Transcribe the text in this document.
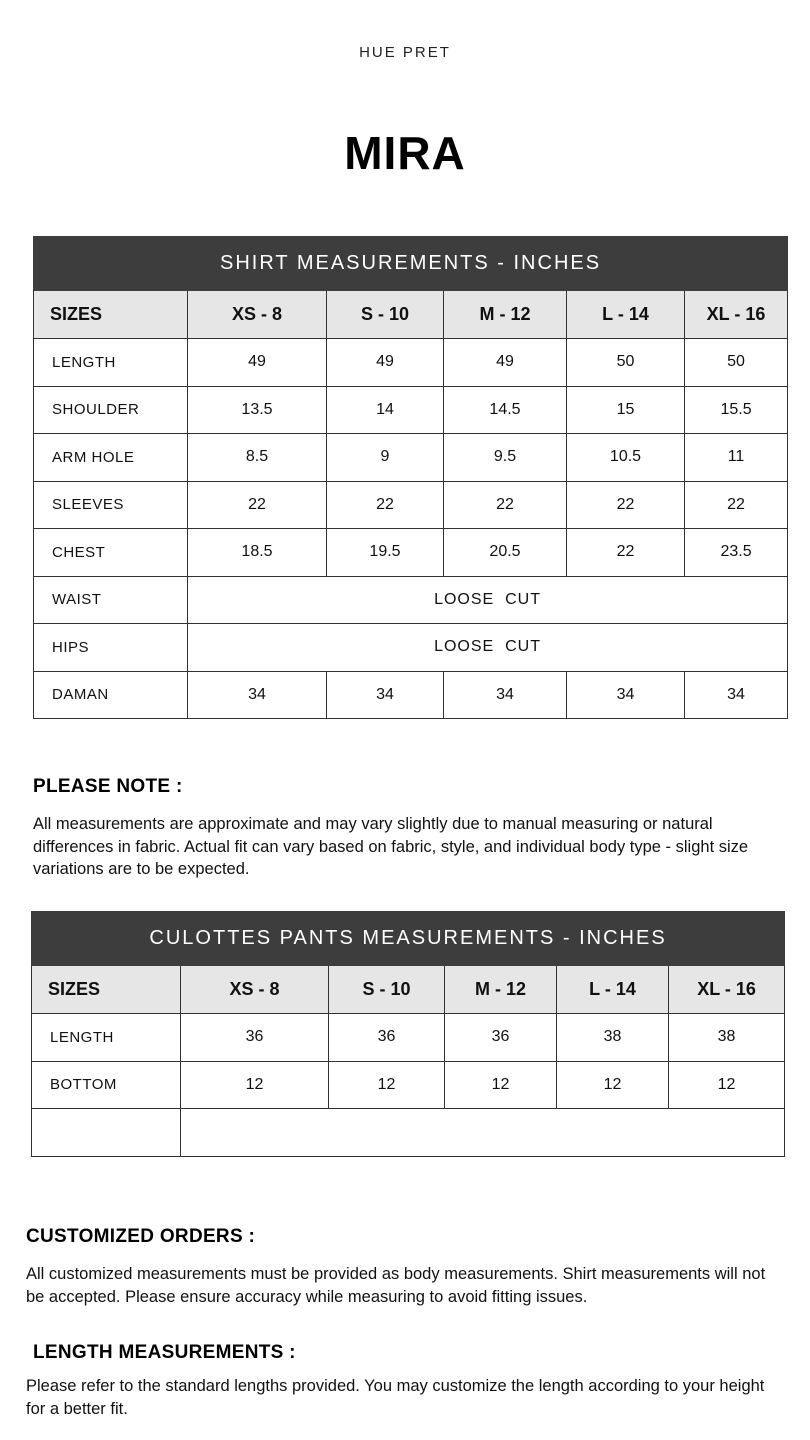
HUE PRET
MIRA
SHIRT MEASUREMENTS - INCHES					
SIZES	XS - 8	S - 10	M - 12	L - 14	XL - 16
LENGTH	49	49	49	50	50
SHOULDER	13.5	14	14.5	15	15.5
ARM HOLE	8.5	9	9.5	10.5	11
SLEEVES	22	22	22	22	22
CHEST	18.5	19.5	20.5	22	23.5
WAIST	LOOSE  CUT				
HIPS	LOOSE  CUT				
DAMAN	34	34	34	34	34
PLEASE NOTE :
All measurements are approximate and may vary slightly due to manual measuring or natural differences in fabric. Actual fit can vary based on fabric, style, and individual body type - slight size variations are to be expected.
CULOTTES PANTS MEASUREMENTS - INCHES					
SIZES	XS - 8	S - 10	M - 12	L - 14	XL - 16
LENGTH	36	36	36	38	38
BOTTOM	12	12	12	12	12

CUSTOMIZED ORDERS :
All customized measurements must be provided as body measurements. Shirt measurements will not be accepted. Please ensure accuracy while measuring to avoid fitting issues.
LENGTH MEASUREMENTS :
Please refer to the standard lengths provided. You may customize the length according to your height for a better fit.
